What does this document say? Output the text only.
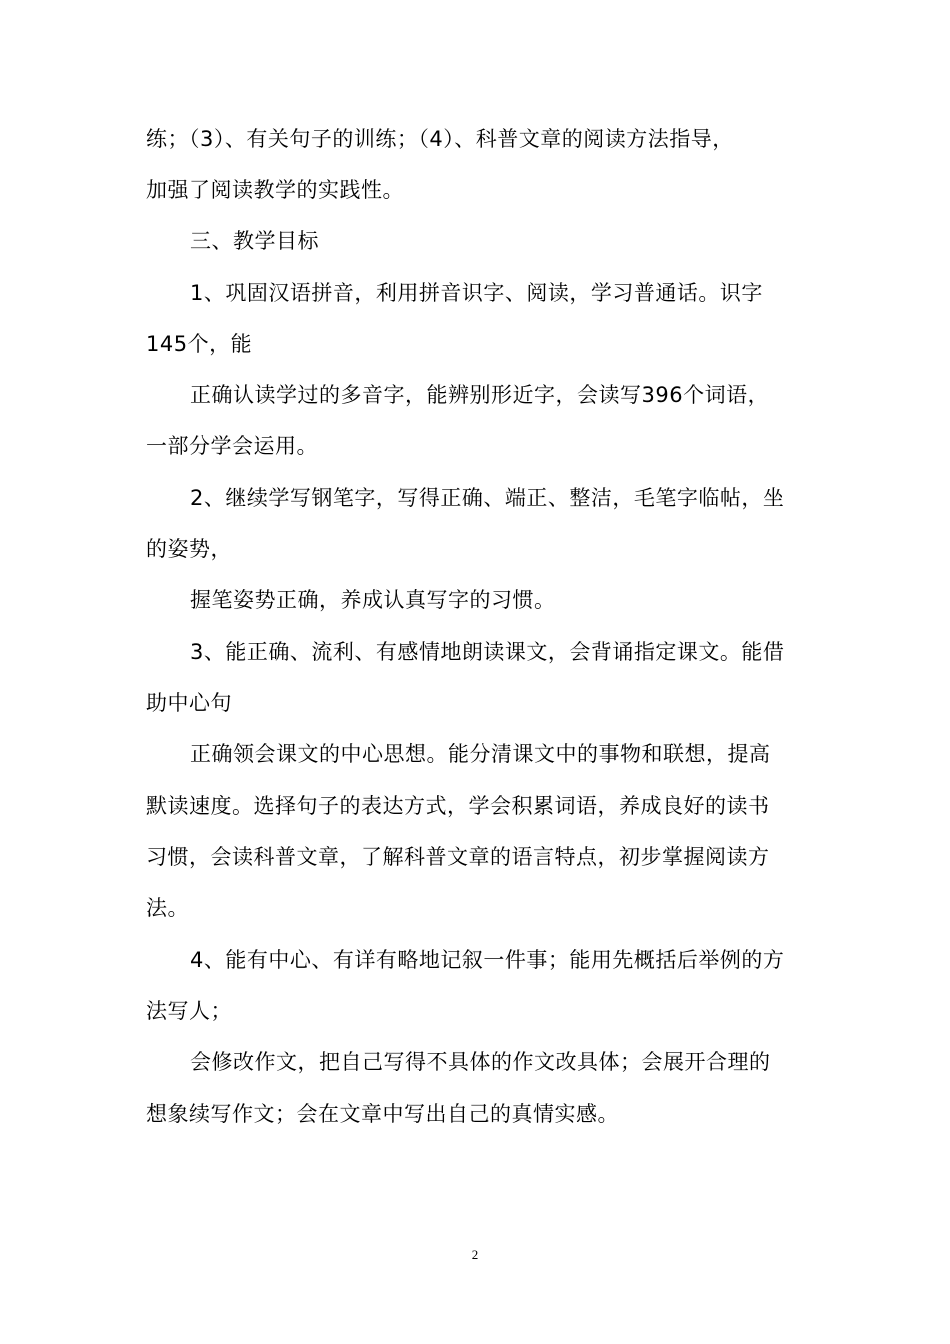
练；（3）、有关句子的训练；（4）、科普文章的阅读方法指导，
加强了阅读教学的实践性。
三、教学目标
1、巩固汉语拼音，利用拼音识字、阅读，学习普通话。识字
145个，能
正确认读学过的多音字，能辨别形近字，会读写396个词语，
一部分学会运用。
2、继续学写钢笔字，写得正确、端正、整洁，毛笔字临帖，坐
的姿势，
握笔姿势正确，养成认真写字的习惯。
3、能正确、流利、有感情地朗读课文，会背诵指定课文。能借
助中心句
正确领会课文的中心思想。能分清课文中的事物和联想，提高
默读速度。选择句子的表达方式，学会积累词语，养成良好的读书
习惯，会读科普文章，了解科普文章的语言特点，初步掌握阅读方
法。
4、能有中心、有详有略地记叙一件事；能用先概括后举例的方
法写人；
会修改作文，把自己写得不具体的作文改具体；会展开合理的
想象续写作文；会在文章中写出自己的真情实感。
2
